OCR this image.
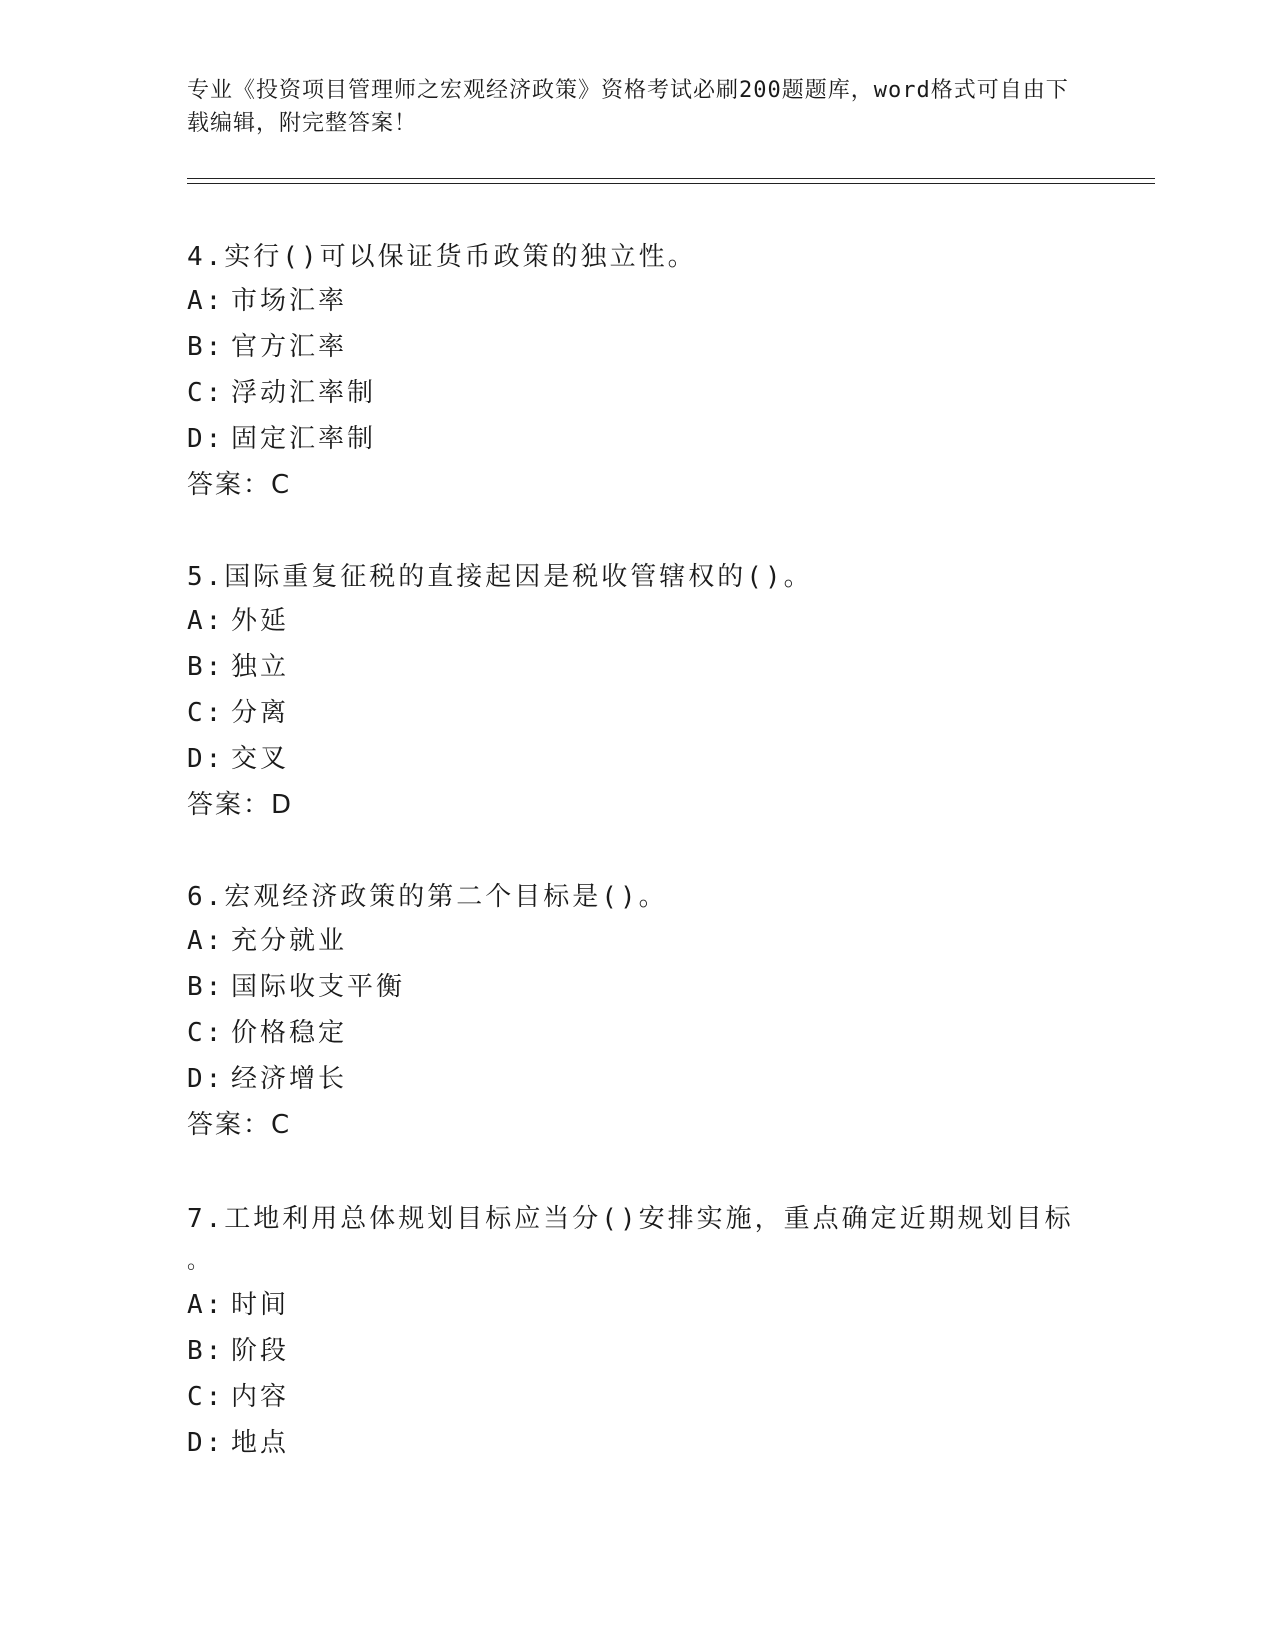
专业《投资项目管理师之宏观经济政策》资格考试必刷200题题库，word格式可自由下载编辑，附完整答案！
4.实行()可以保证货币政策的独立性。
A: 市场汇率
B: 官方汇率
C: 浮动汇率制
D: 固定汇率制
答案：C
5.国际重复征税的直接起因是税收管辖权的()。
A: 外延
B: 独立
C: 分离
D: 交叉
答案：D
6.宏观经济政策的第二个目标是()。
A: 充分就业
B: 国际收支平衡
C: 价格稳定
D: 经济增长
答案：C
7.工地利用总体规划目标应当分()安排实施，重点确定近期规划目标
。
A: 时间
B: 阶段
C: 内容
D: 地点
